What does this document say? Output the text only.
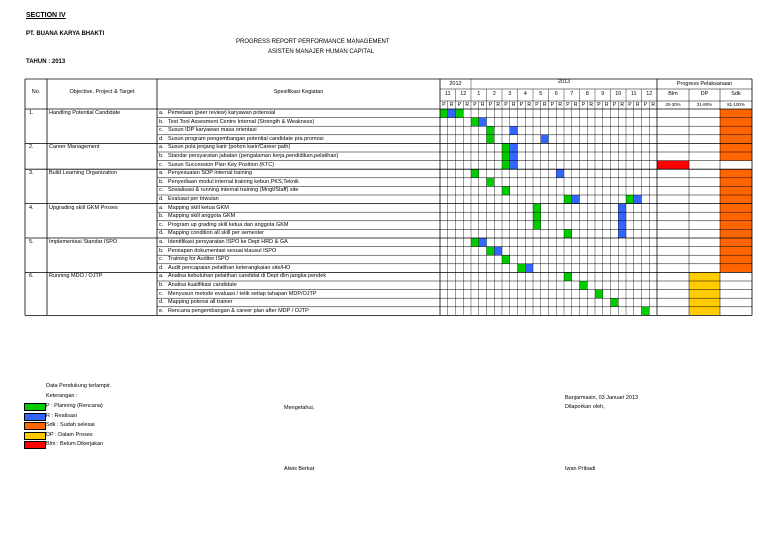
SECTION IV
PT. BUANA KARYA BHAKTI
PROGRESS REPORT PERFORMANCE MANAGEMENT
ASISTEN MANAJER HUMAN CAPITAL
TAHUN : 2013
No.	Objective, Project & Target	Spesifikasi Kegiatan
2012	2013	Progress Pelaksanaan
11	12	1	2	3	4	5	6	7	8	9	10	11	12
P R P R P R P R P R P R P R P R P R P R P R P R P R P R
Blm
20-30%
DP
31-80%
Sdk
81-100%
1.	Handling Potential Candidate	a. Pemetaan (peer review) karyawan potensial
b. Test Tool Assesment Centre Internal (Strength & Weakness)
c. Susun IDP karyawan masa orientasi
d. Susun program pengembangan potential candidate pra promosi
2.	Career Management	a. Susun pola jenjang karir (pohon karir/Career path)
b. Standar persyaratan jabatan (pengalaman kerja,pendidikan,pelatihan)
c. Susun Succession Plan Key Position (KTC)
3.	Build Learning Organization	a. Penyesuaian SOP internal training
b. Penyediaan modul internal training kebun,PKS,Teknik
c. Sosialisasi & running internal training (Mngt/Staff) site
d. Evaluasi per triwulan
4.	Upgrading skill GKM Proses	a. Mapping skill ketua GKM
b. Mapping skill anggota GKM
c. Program up grading skill ketua dan anggota GKM
d. Mapping condition all skill per semester
5.	Implementasi Standar ISPO	a. Identifikasi persyaratan ISPO ke Dept HRD & GA
b. Persiapan dokumentasi sesuai klausul ISPO
c. Training for Auditor ISPO
d. Audit pencapaian pelatihan keterangkaian site/HO
6.	Running MDO / OJTP	a. Analisa kebutuhan pelatihan candidat di Dept dlm jangka pendek
b. Analisa kualifikasi candidate
c. Menyusun metode evaluasi / tetik setiap tahapan MDP/OJTP
d. Mapping potensi all trainer
e. Rencana pengembangan & career plan after MDP / OJTP
Data Pendukung terlampir.
Keterangan :
P : Planning (Rencana)
R : Realisasi
Sdk : Sudah selesai
DP : Dalam Proses
Blm : Belum Dikerjakan
Mengetahui,
Banjarmasin, 03 Januari 2013
Dilaporkan oleh,
Alwis Berkat	Iwan Pribadi
